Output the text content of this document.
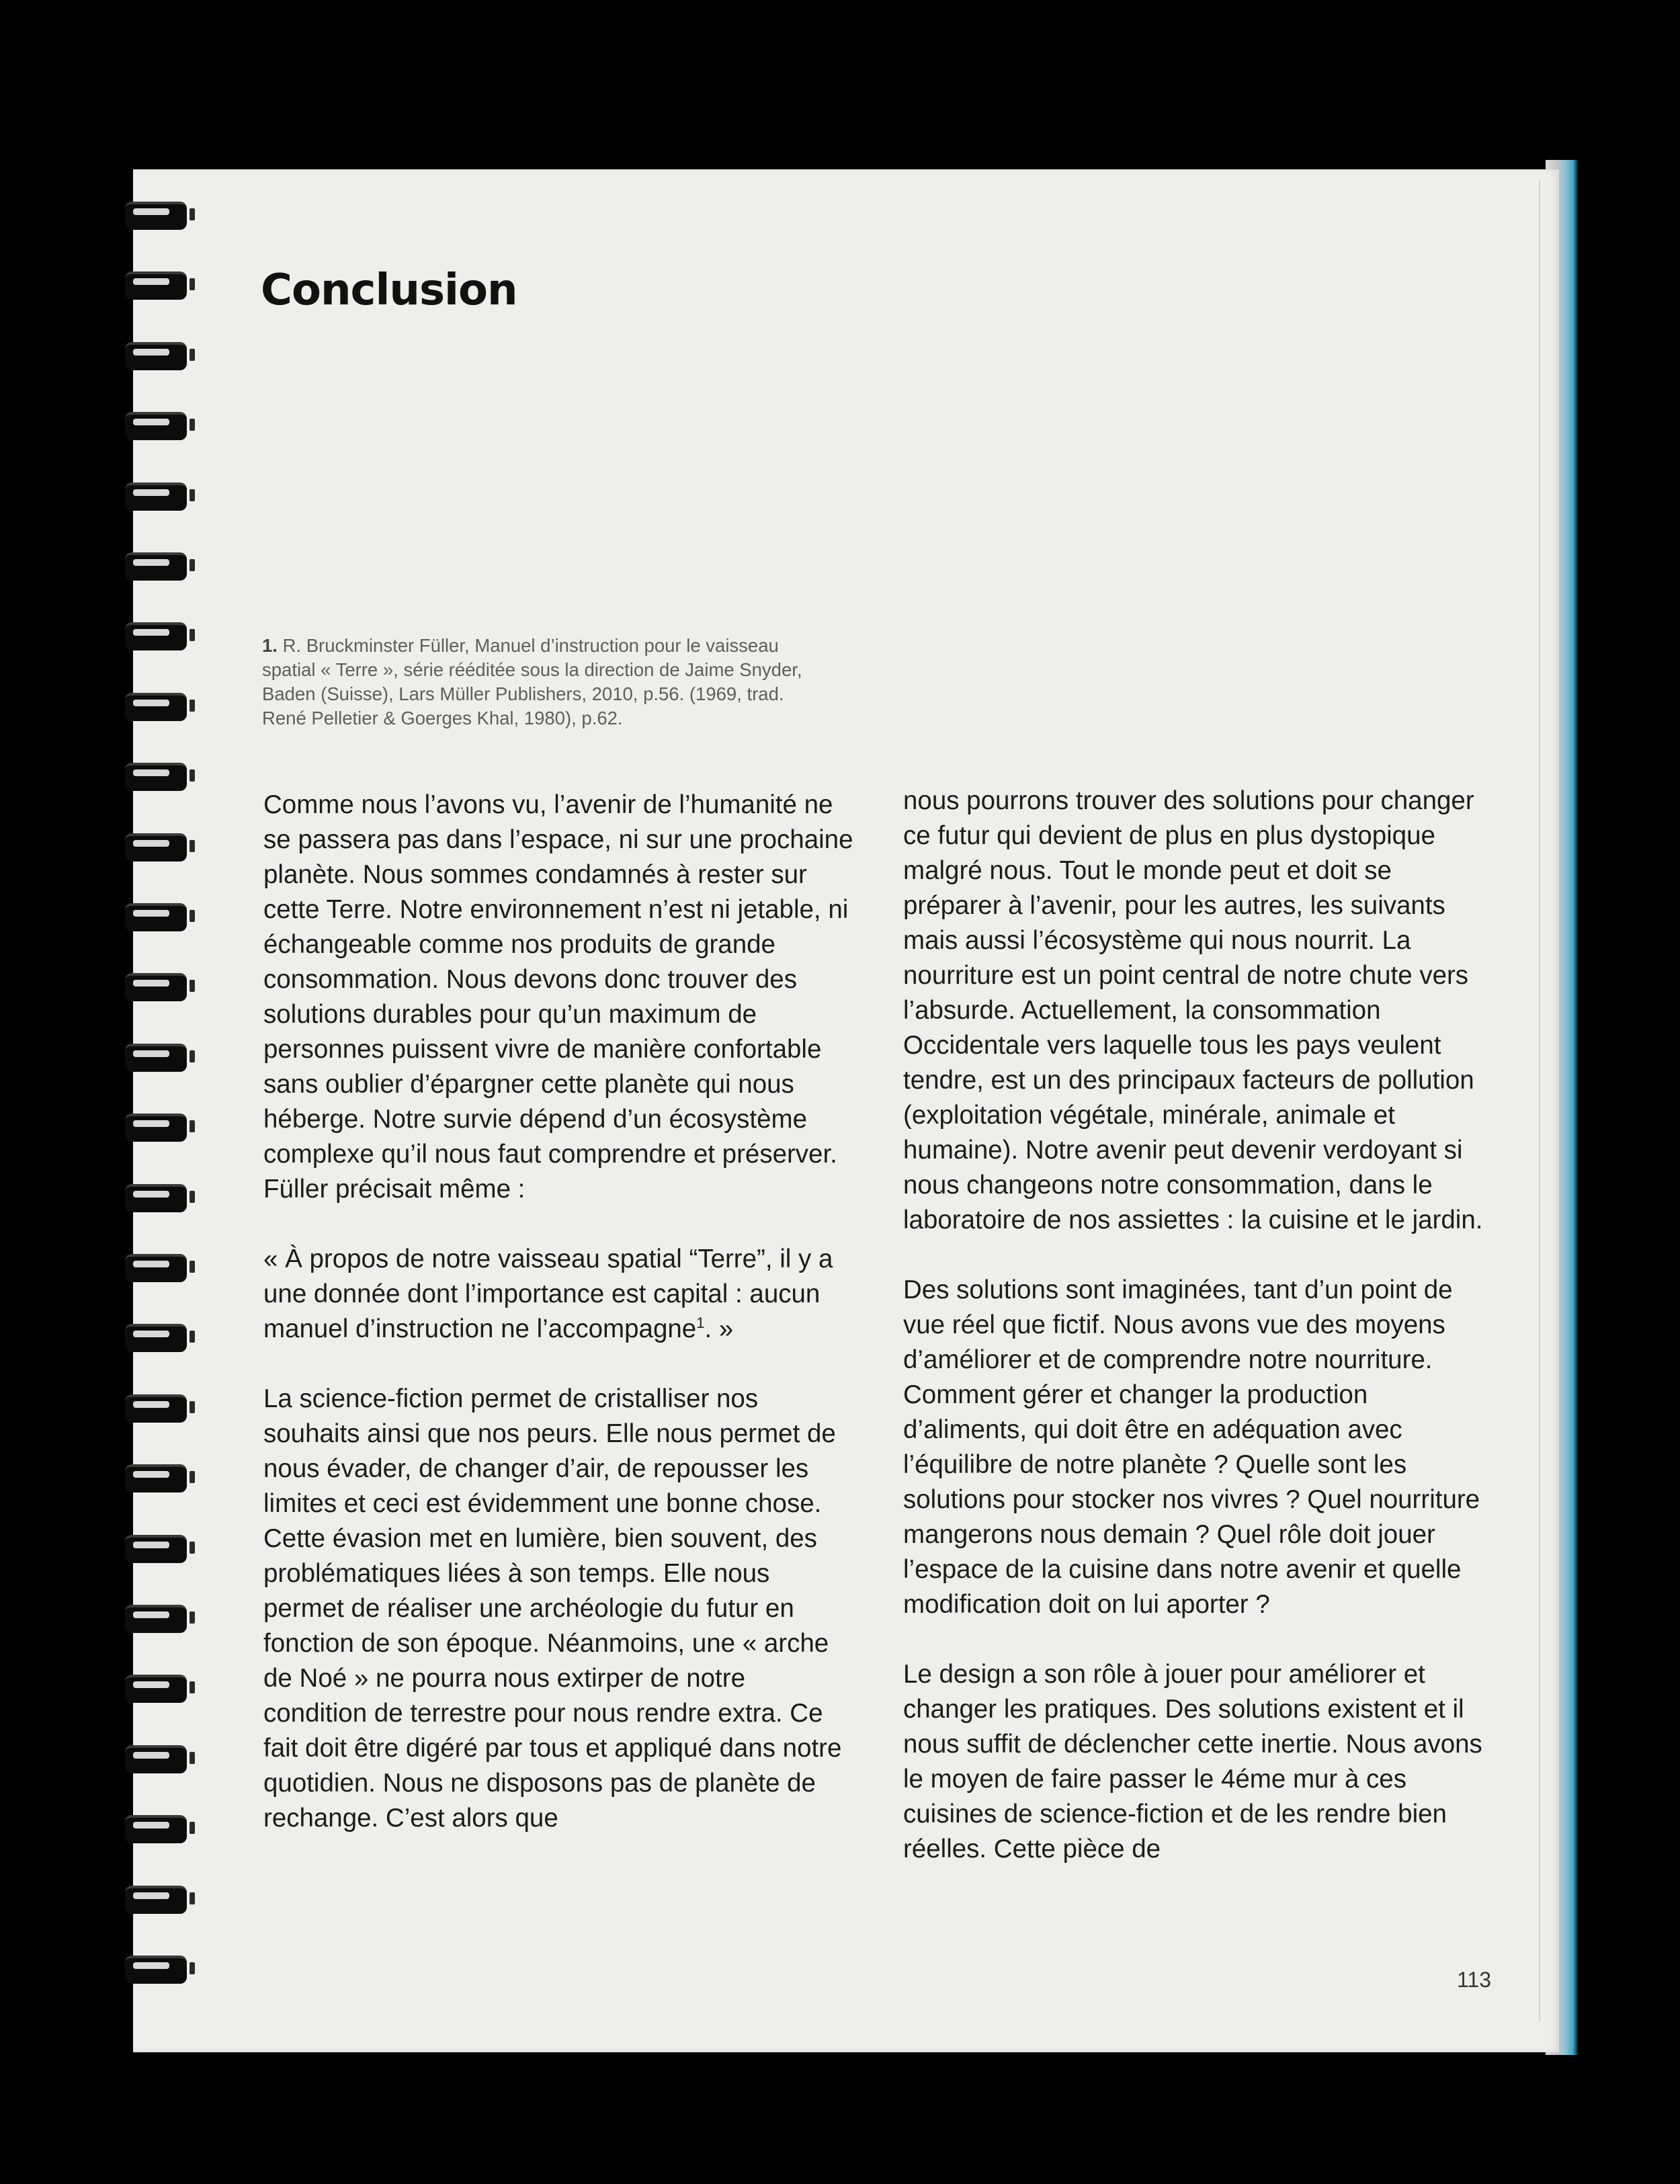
Conclusion

1. R. Bruckminster Füller, Manuel d’instruction pour le vaisseau spatial « Terre », série rééditée sous la direction de Jaime Snyder, Baden (Suisse), Lars Müller Publishers, 2010, p.56. (1969, trad. René Pelletier & Goerges Khal, 1980), p.62.

Comme nous l’avons vu, l’avenir de l’humanité ne se passera pas dans l’espace, ni sur une prochaine planète. Nous sommes condamnés à rester sur cette Terre. Notre environnement n’est ni jetable, ni échangeable comme nos produits de grande consommation. Nous devons donc trouver des solutions durables pour qu’un maximum de personnes puissent vivre de manière confortable sans oublier d’épargner cette planète qui nous héberge. Notre survie dépend d’un écosystème complexe qu’il nous faut comprendre et préserver. Füller précisait même :

« À propos de notre vaisseau spatial “Terre”, il y a une donnée dont l’importance est capital : aucun manuel d’instruction ne l’accompagne$^1$. »

La science-fiction permet de cristalliser nos souhaits ainsi que nos peurs. Elle nous permet de nous évader, de changer d’air, de repousser les limites et ceci est évidemment une bonne chose. Cette évasion met en lumière, bien souvent, des problématiques liées à son temps. Elle nous permet de réaliser une archéologie du futur en fonction de son époque. Néanmoins, une « arche de Noé » ne pourra nous extirper de notre condition de terrestre pour nous rendre extra. Ce fait doit être digéré par tous et appliqué dans notre quotidien. Nous ne disposons pas de planète de rechange. C’est alors que

nous pourrons trouver des solutions pour changer ce futur qui devient de plus en plus dystopique malgré nous. Tout le monde peut et doit se préparer à l’avenir, pour les autres, les suivants mais aussi l’écosystème qui nous nourrit. La nourriture est un point central de notre chute vers l’absurde. Actuellement, la consommation Occidentale vers laquelle tous les pays veulent tendre, est un des principaux facteurs de pollution (exploitation végétale, minérale, animale et humaine). Notre avenir peut devenir verdoyant si nous changeons notre consommation, dans le laboratoire de nos assiettes : la cuisine et le jardin.

Des solutions sont imaginées, tant d’un point de vue réel que fictif. Nous avons vue des moyens d’améliorer et de comprendre notre nourriture. Comment gérer et changer la production d’aliments, qui doit être en adéquation avec l’équilibre de notre planète ? Quelle sont les solutions pour stocker nos vivres ? Quel nourriture mangerons nous demain ? Quel rôle doit jouer l’espace de la cuisine dans notre avenir et quelle modification doit on lui aporter ?

Le design a son rôle à jouer pour améliorer et changer les pratiques. Des solutions existent et il nous suffit de déclencher cette inertie. Nous avons le moyen de faire passer le 4éme mur à ces cuisines de science-fiction et de les rendre bien réelles. Cette pièce de

113
